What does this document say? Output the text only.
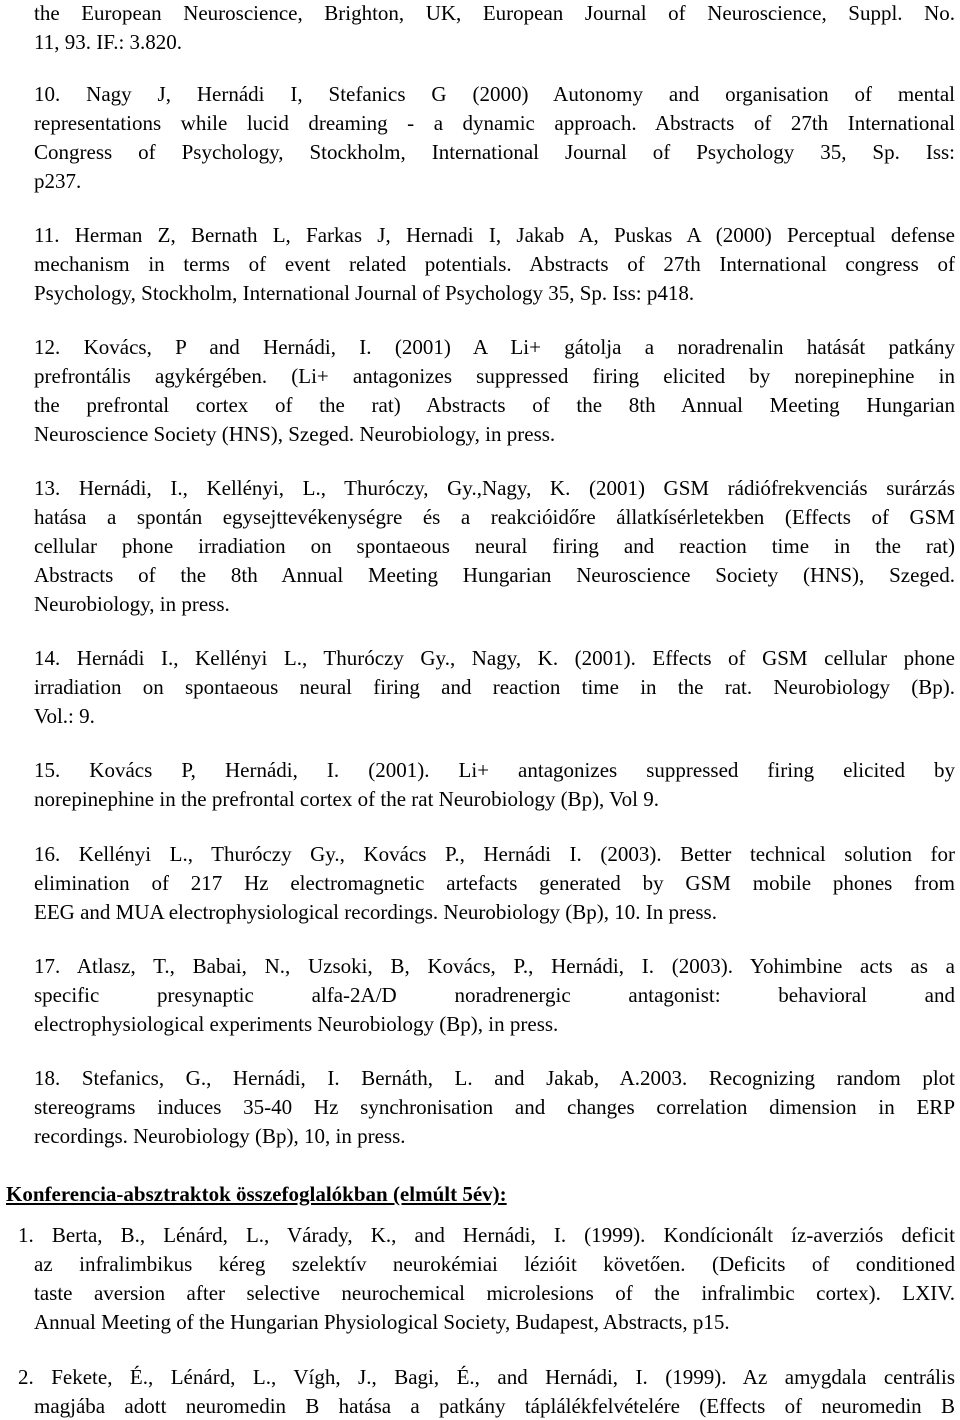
the European Neuroscience, Brighton, UK, European Journal of Neuroscience, Suppl. No.

11, 93. IF.: 3.820.

10. Nagy J, Hernádi I, Stefanics G (2000) Autonomy and organisation of mental

representations while lucid dreaming - a dynamic approach. Abstracts of 27th International

Congress of Psychology, Stockholm, International Journal of Psychology 35, Sp. Iss:

p237.

11. Herman Z, Bernath L, Farkas J, Hernadi I, Jakab A, Puskas A (2000) Perceptual defense

mechanism in terms of event related potentials. Abstracts of 27th International congress of

Psychology, Stockholm, International Journal of Psychology 35, Sp. Iss: p418.

12. Kovács, P and Hernádi, I. (2001) A Li+ gátolja a noradrenalin hatását patkány

prefrontális agykérgében. (Li+ antagonizes suppressed firing elicited by norepinephine in

the prefrontal cortex of the rat) Abstracts of the 8th Annual Meeting Hungarian

Neuroscience Society (HNS), Szeged. Neurobiology, in press.

13. Hernádi, I., Kellényi, L., Thuróczy, Gy.,Nagy, K. (2001) GSM rádiófrekvenciás surárzás

hatása a spontán egysejttevékenységre és a reakcióidőre állatkísérletekben (Effects of GSM

cellular phone irradiation on spontaeous neural firing and reaction time in the rat)

Abstracts of the 8th Annual Meeting Hungarian Neuroscience Society (HNS), Szeged.

Neurobiology, in press.

14. Hernádi I., Kellényi L., Thuróczy Gy., Nagy, K. (2001). Effects of GSM cellular phone

irradiation on spontaeous neural firing and reaction time in the rat. Neurobiology (Bp).

Vol.: 9.

15. Kovács P, Hernádi, I. (2001). Li+ antagonizes suppressed firing elicited by

norepinephine in the prefrontal cortex of the rat Neurobiology (Bp), Vol 9.

16. Kellényi L., Thuróczy Gy., Kovács P., Hernádi I. (2003). Better technical solution for

elimination of 217 Hz electromagnetic artefacts generated by GSM mobile phones from

EEG and MUA electrophysiological recordings. Neurobiology (Bp), 10. In press.

17. Atlasz, T., Babai, N., Uzsoki, B, Kovács, P., Hernádi, I. (2003). Yohimbine acts as a

specific presynaptic alfa-2A/D noradrenergic antagonist: behavioral and

electrophysiological experiments Neurobiology (Bp), in press.

18. Stefanics, G., Hernádi, I. Bernáth, L. and Jakab, A.2003. Recognizing random plot

stereograms induces 35-40 Hz synchronisation and changes correlation dimension in ERP

recordings. Neurobiology (Bp), 10, in press.

Konferencia-absztraktok összefoglalókban (elmúlt 5év):

1. Berta, B., Lénárd, L., Várady, K., and Hernádi, I. (1999). Kondícionált íz-averziós deficit

az infralimbikus kéreg szelektív neurokémiai lézióit követően. (Deficits of conditioned

taste aversion after selective neurochemical microlesions of the infralimbic cortex). LXIV.

Annual Meeting of the Hungarian Physiological Society, Budapest, Abstracts, p15.

2. Fekete, É., Lénárd, L., Vígh, J., Bagi, É., and Hernádi, I. (1999). Az amygdala centrális

magjába adott neuromedin B hatása a patkány táplálékfelvételére (Effects of neuromedin B
